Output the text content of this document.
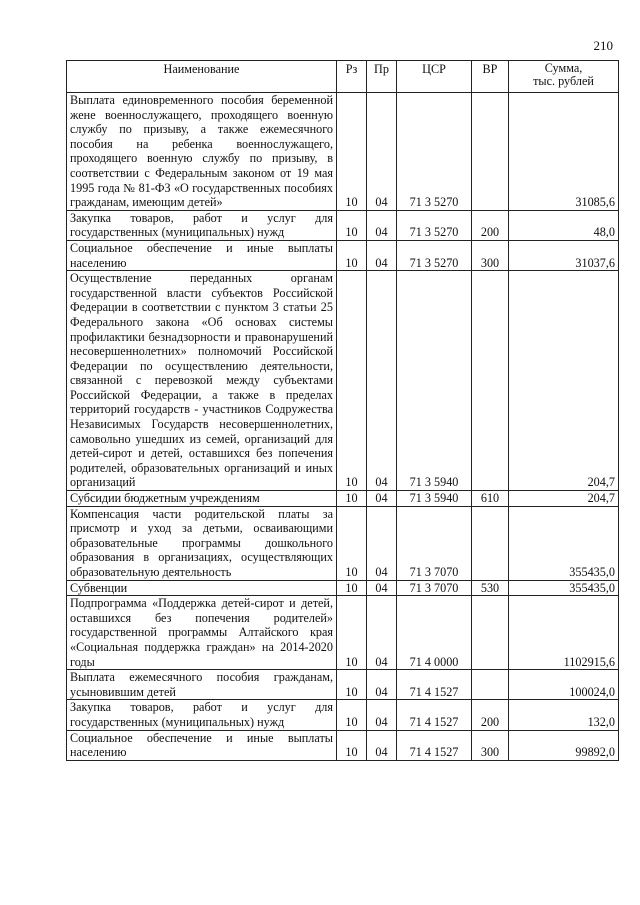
210
Наименование	Рз	Пр	ЦСР	ВР	Сумма,
тыс. рублей
Выплата единовременного пособия беременной жене военнослужащего, проходящего военную службу по призыву, а также ежемесячного пособия на ребенка военнослужащего, проходящего военную службу по призыву, в соответствии с Федеральным законом от 19 мая 1995 года № 81-ФЗ «О государственных пособиях гражданам, имеющим детей»	10	04	71 3 5270		31085,6
Закупка товаров, работ и услуг для государственных (муниципальных) нужд	10	04	71 3 5270	200	48,0
Социальное обеспечение и иные выплаты населению	10	04	71 3 5270	300	31037,6
Осуществление переданных органам государственной власти субъектов Российской Федерации в соответствии с пунктом 3 статьи 25 Федерального закона «Об основах системы профилактики безнадзорности и правонарушений несовершеннолетних» полномочий Российской Федерации по осуществлению деятельности, связанной с перевозкой между субъектами Российской Федерации, а также в пределах территорий государств - участников Содружества Независимых Государств несовершеннолетних, самовольно ушедших из семей, организаций для детей-сирот и детей, оставшихся без попечения родителей, образовательных организаций и иных организаций	10	04	71 3 5940		204,7
Субсидии бюджетным учреждениям	10	04	71 3 5940	610	204,7
Компенсация части родительской платы за присмотр и уход за детьми, осваивающими образовательные программы дошкольного образования в организациях, осуществляющих образовательную деятельность	10	04	71 3 7070		355435,0
Субвенции	10	04	71 3 7070	530	355435,0
Подпрограмма «Поддержка детей-сирот и детей, оставшихся без попечения родителей» государственной программы Алтайского края «Социальная поддержка граждан» на 2014-2020 годы	10	04	71 4 0000		1102915,6
Выплата ежемесячного пособия гражданам, усыновившим детей	10	04	71 4 1527		100024,0
Закупка товаров, работ и услуг для государственных (муниципальных) нужд	10	04	71 4 1527	200	132,0
Социальное обеспечение и иные выплаты населению	10	04	71 4 1527	300	99892,0
